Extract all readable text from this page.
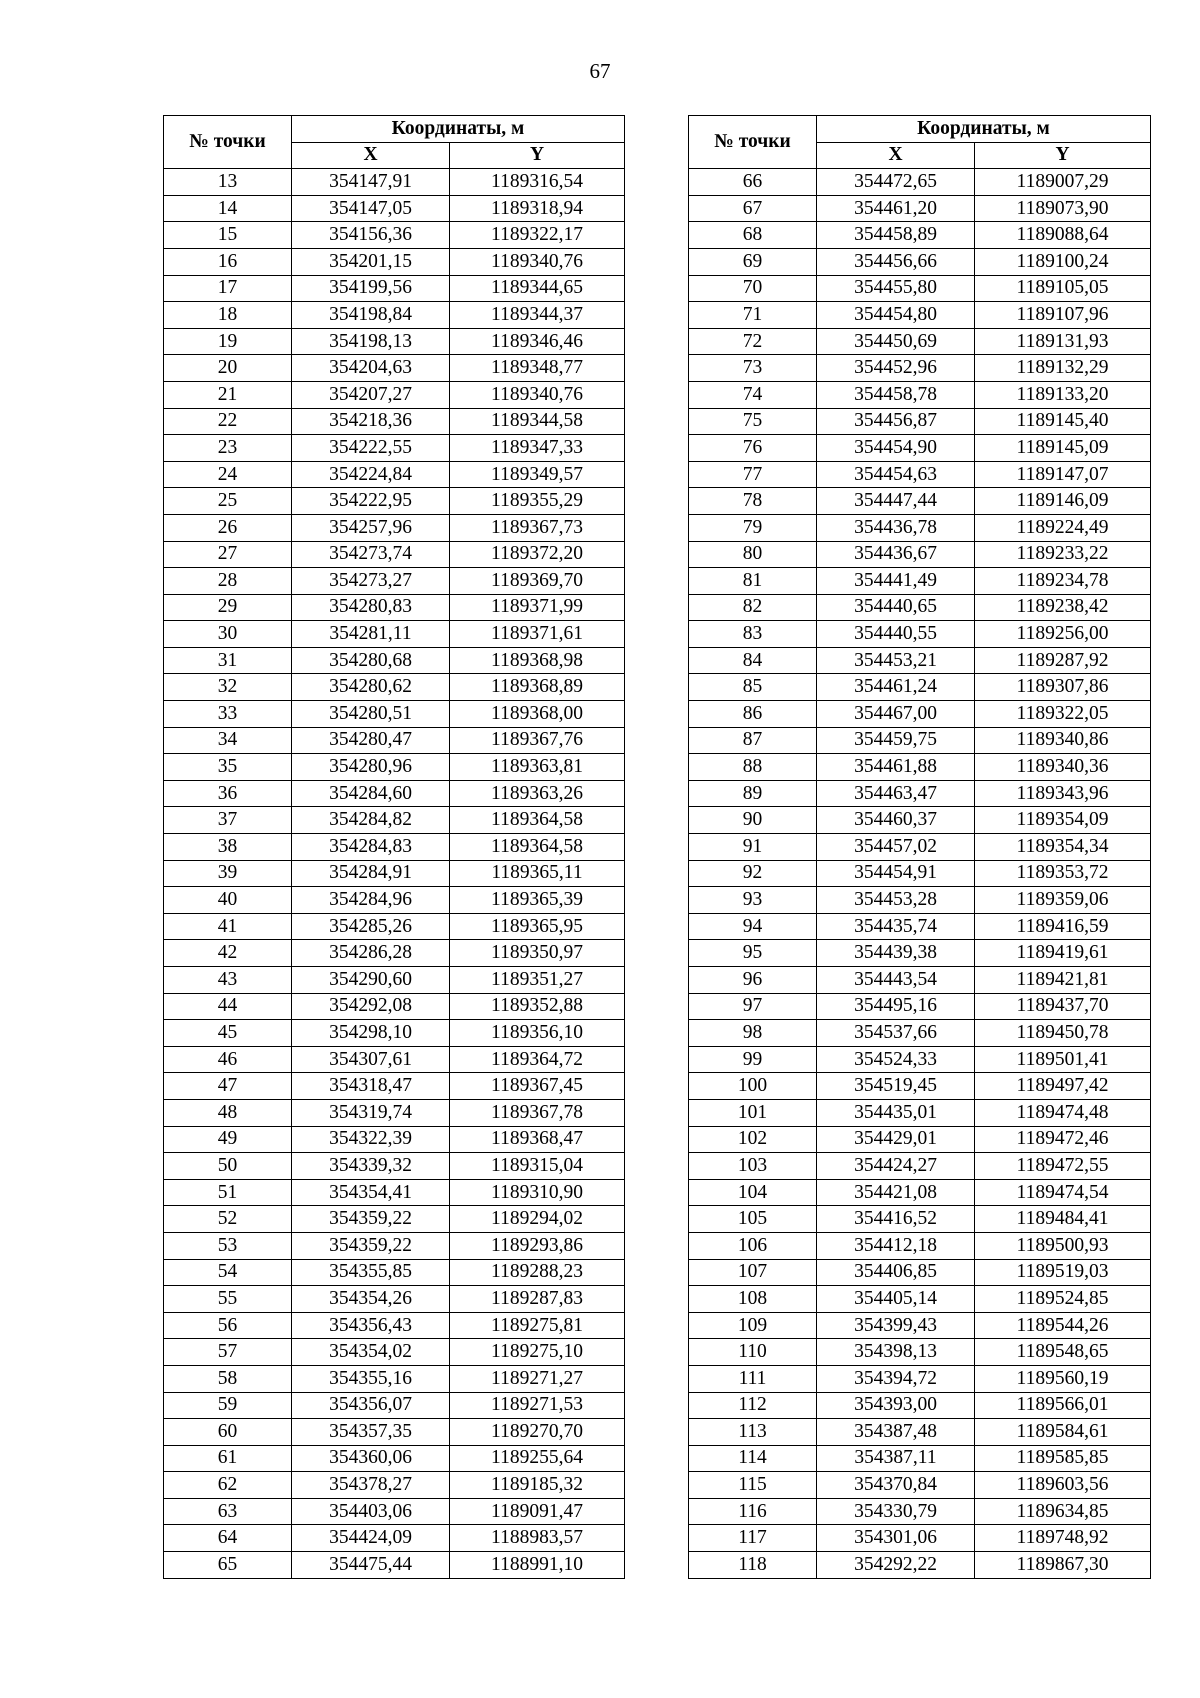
67
№ точки	Координаты, м	
	X	Y
13	354147,91	1189316,54
14	354147,05	1189318,94
15	354156,36	1189322,17
16	354201,15	1189340,76
17	354199,56	1189344,65
18	354198,84	1189344,37
19	354198,13	1189346,46
20	354204,63	1189348,77
21	354207,27	1189340,76
22	354218,36	1189344,58
23	354222,55	1189347,33
24	354224,84	1189349,57
25	354222,95	1189355,29
26	354257,96	1189367,73
27	354273,74	1189372,20
28	354273,27	1189369,70
29	354280,83	1189371,99
30	354281,11	1189371,61
31	354280,68	1189368,98
32	354280,62	1189368,89
33	354280,51	1189368,00
34	354280,47	1189367,76
35	354280,96	1189363,81
36	354284,60	1189363,26
37	354284,82	1189364,58
38	354284,83	1189364,58
39	354284,91	1189365,11
40	354284,96	1189365,39
41	354285,26	1189365,95
42	354286,28	1189350,97
43	354290,60	1189351,27
44	354292,08	1189352,88
45	354298,10	1189356,10
46	354307,61	1189364,72
47	354318,47	1189367,45
48	354319,74	1189367,78
49	354322,39	1189368,47
50	354339,32	1189315,04
51	354354,41	1189310,90
52	354359,22	1189294,02
53	354359,22	1189293,86
54	354355,85	1189288,23
55	354354,26	1189287,83
56	354356,43	1189275,81
57	354354,02	1189275,10
58	354355,16	1189271,27
59	354356,07	1189271,53
60	354357,35	1189270,70
61	354360,06	1189255,64
62	354378,27	1189185,32
63	354403,06	1189091,47
64	354424,09	1188983,57
65	354475,44	1188991,10
№ точки	Координаты, м	
	X	Y
66	354472,65	1189007,29
67	354461,20	1189073,90
68	354458,89	1189088,64
69	354456,66	1189100,24
70	354455,80	1189105,05
71	354454,80	1189107,96
72	354450,69	1189131,93
73	354452,96	1189132,29
74	354458,78	1189133,20
75	354456,87	1189145,40
76	354454,90	1189145,09
77	354454,63	1189147,07
78	354447,44	1189146,09
79	354436,78	1189224,49
80	354436,67	1189233,22
81	354441,49	1189234,78
82	354440,65	1189238,42
83	354440,55	1189256,00
84	354453,21	1189287,92
85	354461,24	1189307,86
86	354467,00	1189322,05
87	354459,75	1189340,86
88	354461,88	1189340,36
89	354463,47	1189343,96
90	354460,37	1189354,09
91	354457,02	1189354,34
92	354454,91	1189353,72
93	354453,28	1189359,06
94	354435,74	1189416,59
95	354439,38	1189419,61
96	354443,54	1189421,81
97	354495,16	1189437,70
98	354537,66	1189450,78
99	354524,33	1189501,41
100	354519,45	1189497,42
101	354435,01	1189474,48
102	354429,01	1189472,46
103	354424,27	1189472,55
104	354421,08	1189474,54
105	354416,52	1189484,41
106	354412,18	1189500,93
107	354406,85	1189519,03
108	354405,14	1189524,85
109	354399,43	1189544,26
110	354398,13	1189548,65
111	354394,72	1189560,19
112	354393,00	1189566,01
113	354387,48	1189584,61
114	354387,11	1189585,85
115	354370,84	1189603,56
116	354330,79	1189634,85
117	354301,06	1189748,92
118	354292,22	1189867,30
